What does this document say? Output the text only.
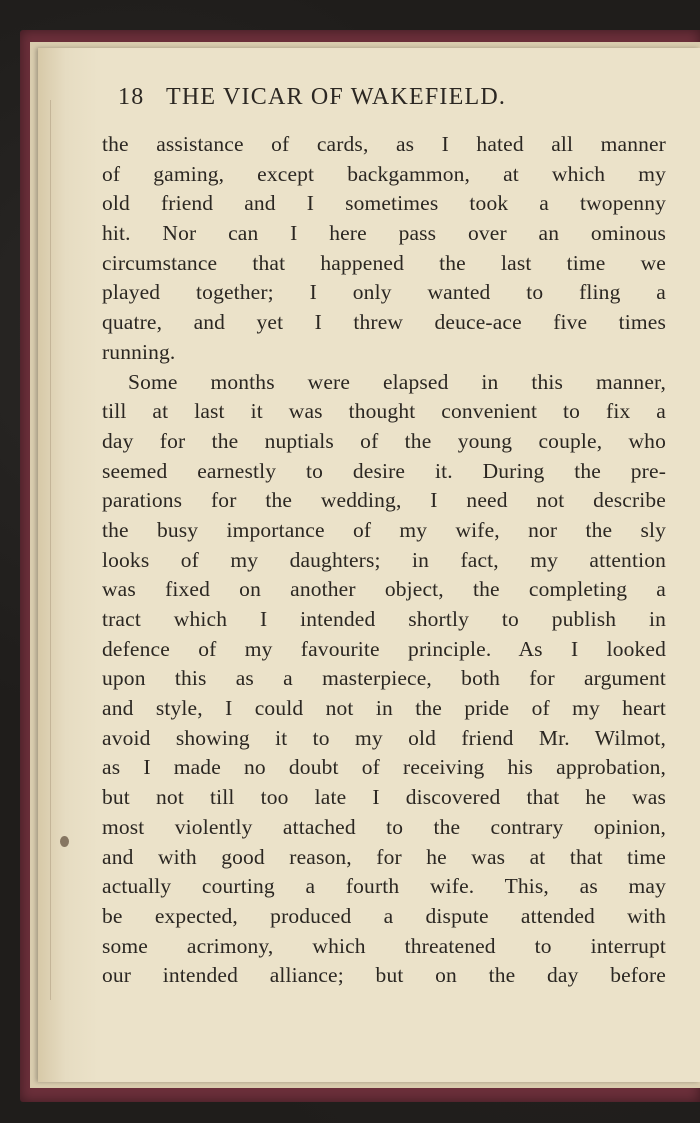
18 THE VICAR OF WAKEFIELD.
the assistance of cards, as I hated all manner
of gaming, except backgammon, at which my
old friend and I sometimes took a twopenny
hit. Nor can I here pass over an ominous
circumstance that happened the last time we
played together; I only wanted to fling a
quatre, and yet I threw deuce-ace five times
running.
Some months were elapsed in this manner,
till at last it was thought convenient to fix a
day for the nuptials of the young couple, who
seemed earnestly to desire it. During the pre-
parations for the wedding, I need not describe
the busy importance of my wife, nor the sly
looks of my daughters; in fact, my attention
was fixed on another object, the completing a
tract which I intended shortly to publish in
defence of my favourite principle. As I looked
upon this as a masterpiece, both for argument
and style, I could not in the pride of my heart
avoid showing it to my old friend Mr. Wilmot,
as I made no doubt of receiving his approbation,
but not till too late I discovered that he was
most violently attached to the contrary opinion,
and with good reason, for he was at that time
actually courting a fourth wife. This, as may
be expected, produced a dispute attended with
some acrimony, which threatened to interrupt
our intended alliance; but on the day before
